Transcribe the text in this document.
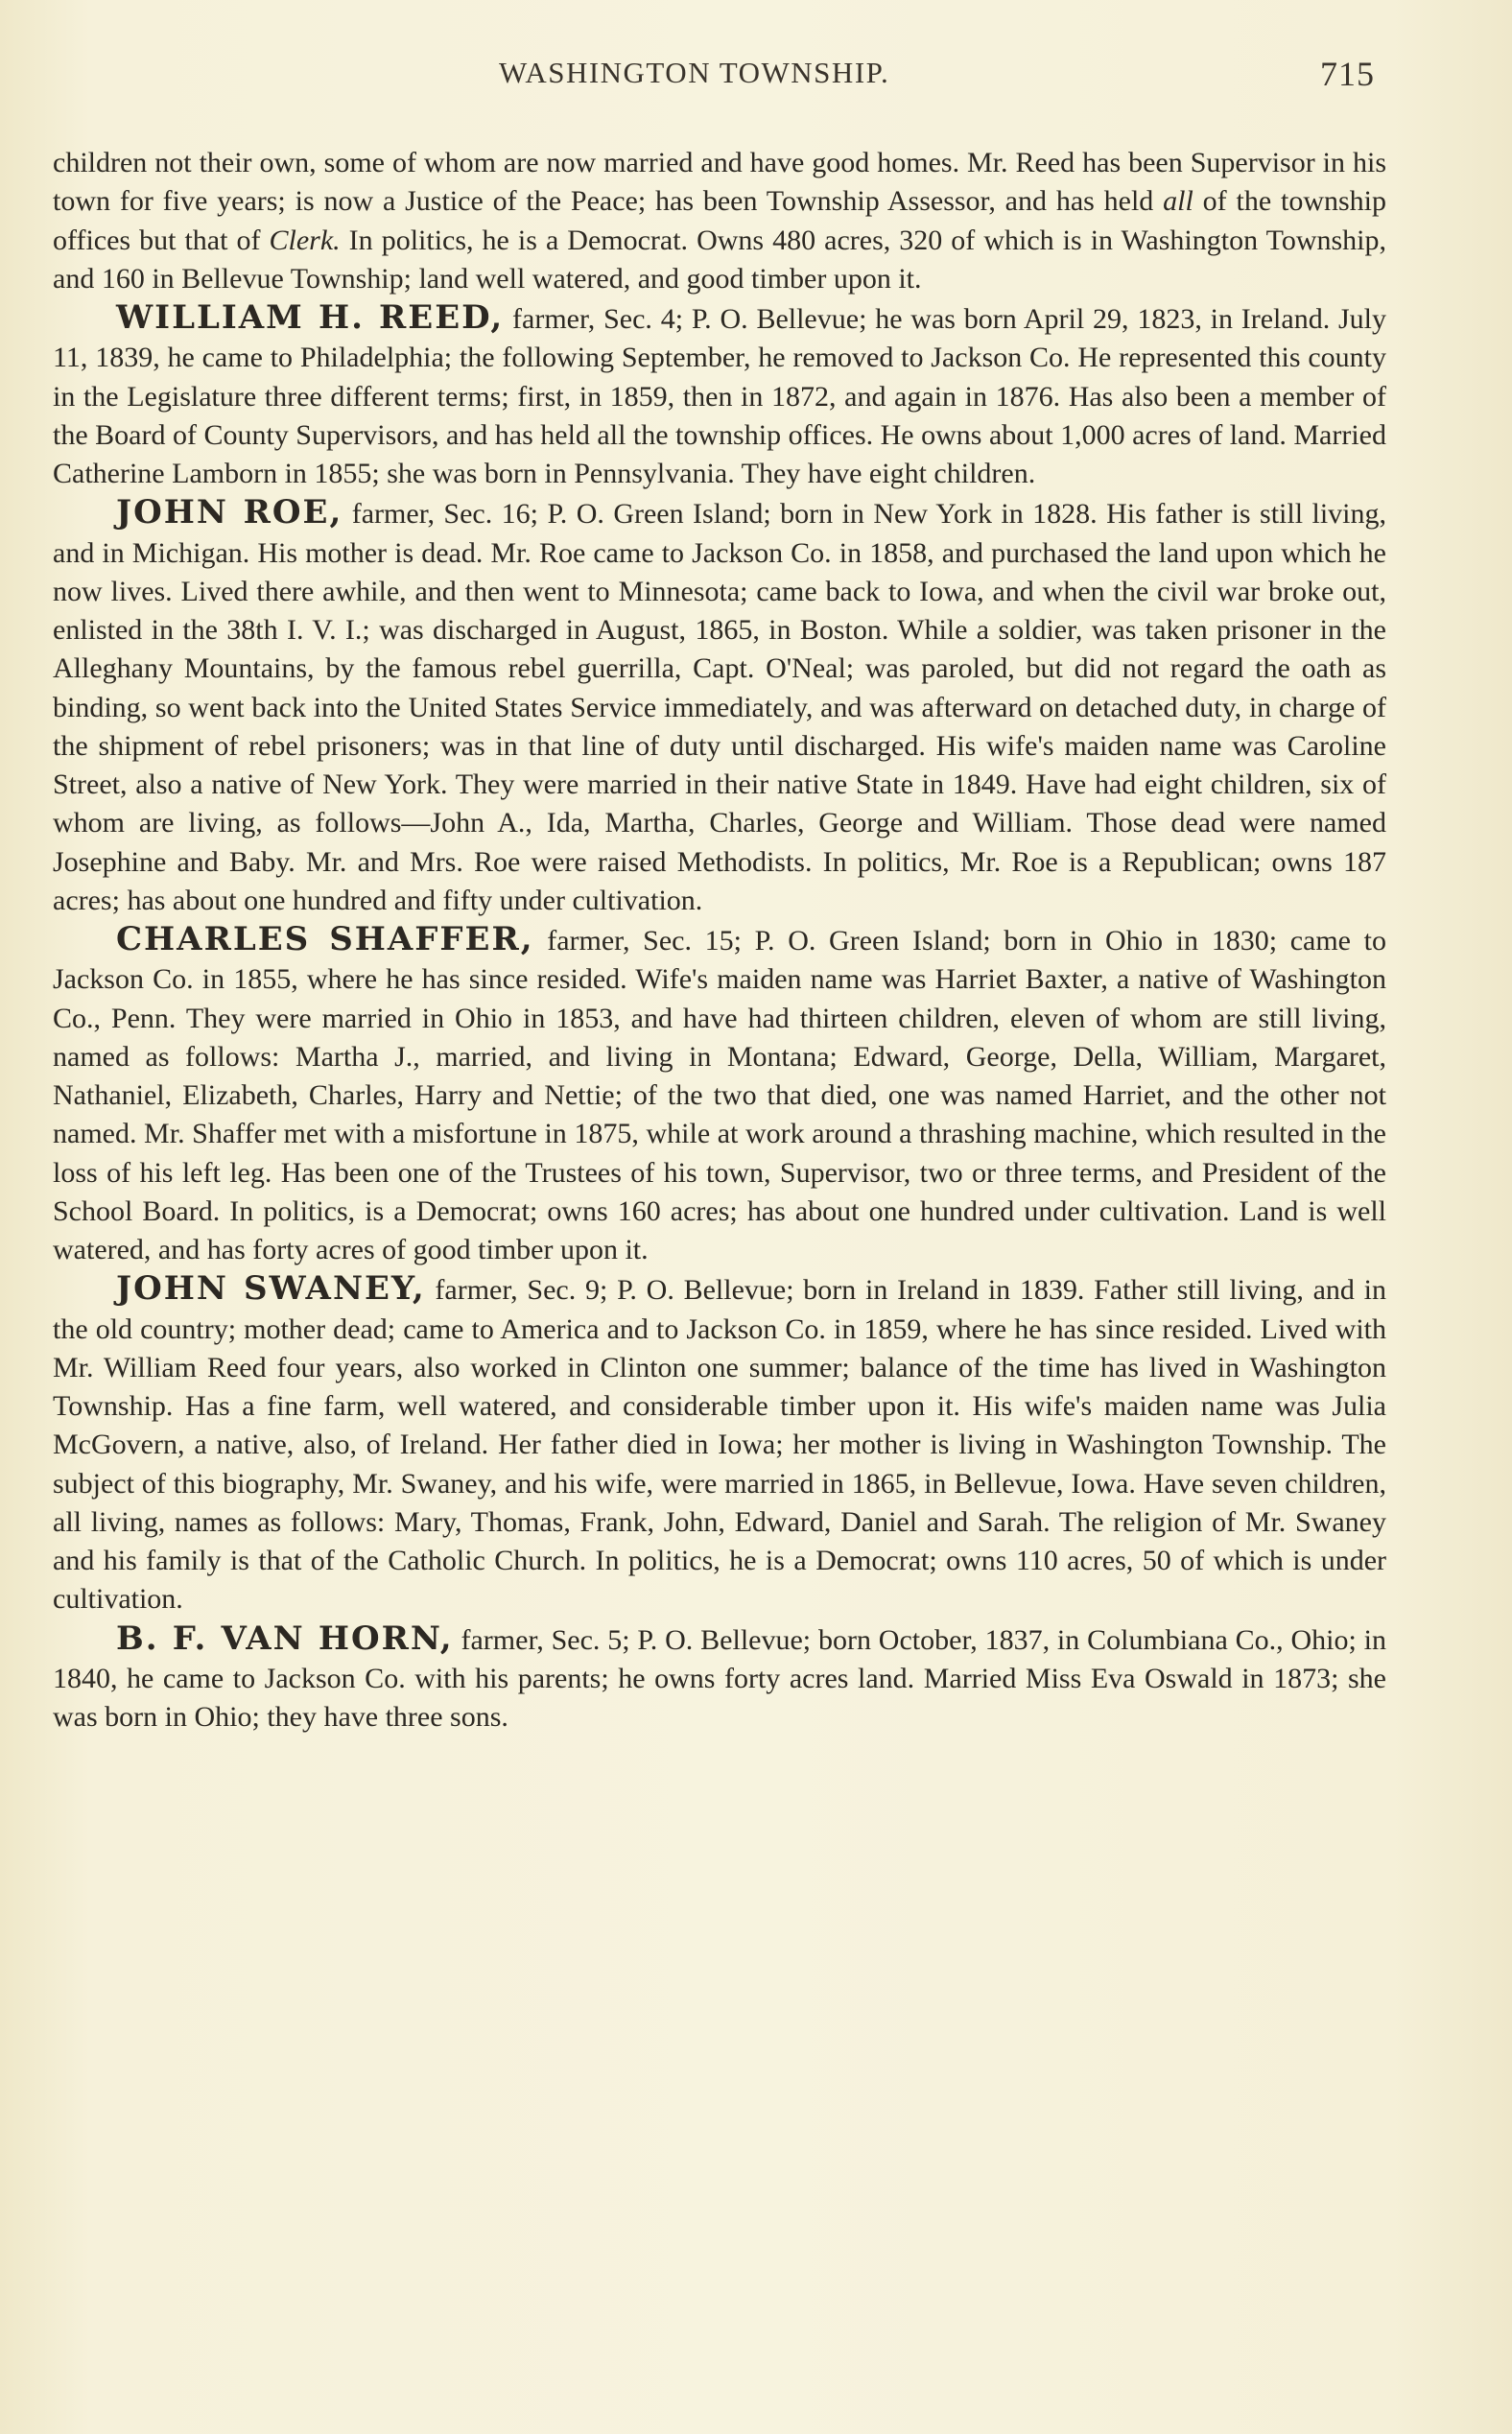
WASHINGTON TOWNSHIP.	715

children not their own, some of whom are now married and have good homes. Mr. Reed has been Supervisor in his town for five years; is now a Justice of the Peace; has been Township Assessor, and has held all of the township offices but that of Clerk. In politics, he is a Democrat. Owns 480 acres, 320 of which is in Washington Township, and 160 in Bellevue Township; land well watered, and good timber upon it.

WILLIAM H. REED, farmer, Sec. 4; P. O. Bellevue; he was born April 29, 1823, in Ireland. July 11, 1839, he came to Philadelphia; the following September, he removed to Jackson Co. He represented this county in the Legislature three different terms; first, in 1859, then in 1872, and again in 1876. Has also been a member of the Board of County Supervisors, and has held all the township offices. He owns about 1,000 acres of land. Married Catherine Lamborn in 1855; she was born in Pennsylvania. They have eight children.

JOHN ROE, farmer, Sec. 16; P. O. Green Island; born in New York in 1828. His father is still living, and in Michigan. His mother is dead. Mr. Roe came to Jackson Co. in 1858, and purchased the land upon which he now lives. Lived there awhile, and then went to Minnesota; came back to Iowa, and when the civil war broke out, enlisted in the 38th I. V. I.; was discharged in August, 1865, in Boston. While a soldier, was taken prisoner in the Alleghany Mountains, by the famous rebel guerrilla, Capt. O'Neal; was paroled, but did not regard the oath as binding, so went back into the United States Service immediately, and was afterward on detached duty, in charge of the shipment of rebel prisoners; was in that line of duty until discharged. His wife's maiden name was Caroline Street, also a native of New York. They were married in their native State in 1849. Have had eight children, six of whom are living, as follows—John A., Ida, Martha, Charles, George and William. Those dead were named Josephine and Baby. Mr. and Mrs. Roe were raised Methodists. In politics, Mr. Roe is a Republican; owns 187 acres; has about one hundred and fifty under cultivation.

CHARLES SHAFFER, farmer, Sec. 15; P. O. Green Island; born in Ohio in 1830; came to Jackson Co. in 1855, where he has since resided. Wife's maiden name was Harriet Baxter, a native of Washington Co., Penn. They were married in Ohio in 1853, and have had thirteen children, eleven of whom are still living, named as follows: Martha J., married, and living in Montana; Edward, George, Della, William, Margaret, Nathaniel, Elizabeth, Charles, Harry and Nettie; of the two that died, one was named Harriet, and the other not named. Mr. Shaffer met with a misfortune in 1875, while at work around a thrashing machine, which resulted in the loss of his left leg. Has been one of the Trustees of his town, Supervisor, two or three terms, and President of the School Board. In politics, is a Democrat; owns 160 acres; has about one hundred under cultivation. Land is well watered, and has forty acres of good timber upon it.

JOHN SWANEY, farmer, Sec. 9; P. O. Bellevue; born in Ireland in 1839. Father still living, and in the old country; mother dead; came to America and to Jackson Co. in 1859, where he has since resided. Lived with Mr. William Reed four years, also worked in Clinton one summer; balance of the time has lived in Washington Township. Has a fine farm, well watered, and considerable timber upon it. His wife's maiden name was Julia McGovern, a native, also, of Ireland. Her father died in Iowa; her mother is living in Washington Township. The subject of this biography, Mr. Swaney, and his wife, were married in 1865, in Bellevue, Iowa. Have seven children, all living, names as follows: Mary, Thomas, Frank, John, Edward, Daniel and Sarah. The religion of Mr. Swaney and his family is that of the Catholic Church. In politics, he is a Democrat; owns 110 acres, 50 of which is under cultivation.

B. F. VAN HORN, farmer, Sec. 5; P. O. Bellevue; born October, 1837, in Columbiana Co., Ohio; in 1840, he came to Jackson Co. with his parents; he owns forty acres land. Married Miss Eva Oswald in 1873; she was born in Ohio; they have three sons.
